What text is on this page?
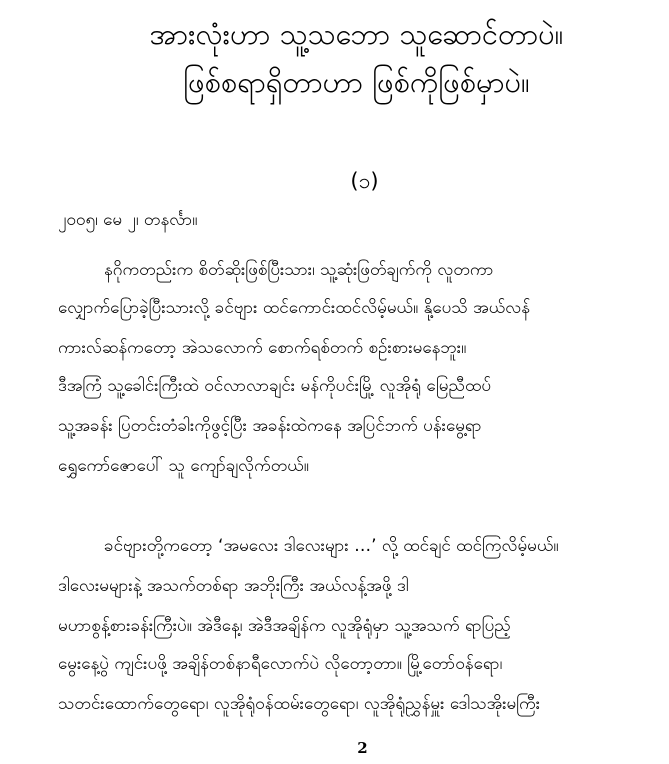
အားလုံးဟာ သူ့သဘော သူဆောင်တာပဲ။
ဖြစ်စရာရှိတာဟာ ဖြစ်ကိုဖြစ်မှာပဲ။
(၁)
၂၀၀၅၊ မေ ၂၊ တနင်္လာ။
နဂိုကတည်းက စိတ်ဆိုးဖြစ်ပြီးသား၊ သူ့ဆုံးဖြတ်ချက်ကို လူတကာ
လျှောက်ပြောခဲ့ပြီးသားလို့ ခင်ဗျား ထင်ကောင်းထင်လိမ့်မယ်။ နို့ပေသိ အယ်လန်
ကားလ်ဆန်ကတော့ အဲသလောက် စောက်ရစ်တက် စဉ်းစားမနေဘူး။
ဒီအကြံ သူ့ခေါင်းကြီးထဲ ဝင်လာလာချင်း မန်ကိုပင်းမြို့ လူအိုရုံ မြေညီထပ်
သူ့အခန်း ပြတင်းတံခါးကိုဖွင့်ပြီး အခန်းထဲကနေ အပြင်ဘက် ပန်းမွေ့ရာ
ရွှေကော်ဇောပေါ် သူ ကျော်ချလိုက်တယ်။
ခင်ဗျားတို့ကတော့ ‘အမလေး ဒါလေးများ …’ လို့ ထင်ချင် ထင်ကြလိမ့်မယ်။
ဒါလေးမများနဲ့ အသက်တစ်ရာ အဘိုးကြီး အယ်လန့်အဖို့ ဒါ
မဟာစွန့်စားခန်းကြီးပဲ။ အဲဒီနေ့၊ အဲဒီအချိန်က လူအိုရုံမှာ သူ့အသက် ရာပြည့်
မွေးနေ့ပွဲ ကျင်းပဖို့ အချိန်တစ်နာရီလောက်ပဲ လိုတော့တာ။ မြို့တော်ဝန်ရော၊
သတင်းထောက်တွေရော၊ လူအိုရုံဝန်ထမ်းတွေရော၊ လူအိုရုံညွှန်မှူး ဒေါသအိုးမကြီး
2
